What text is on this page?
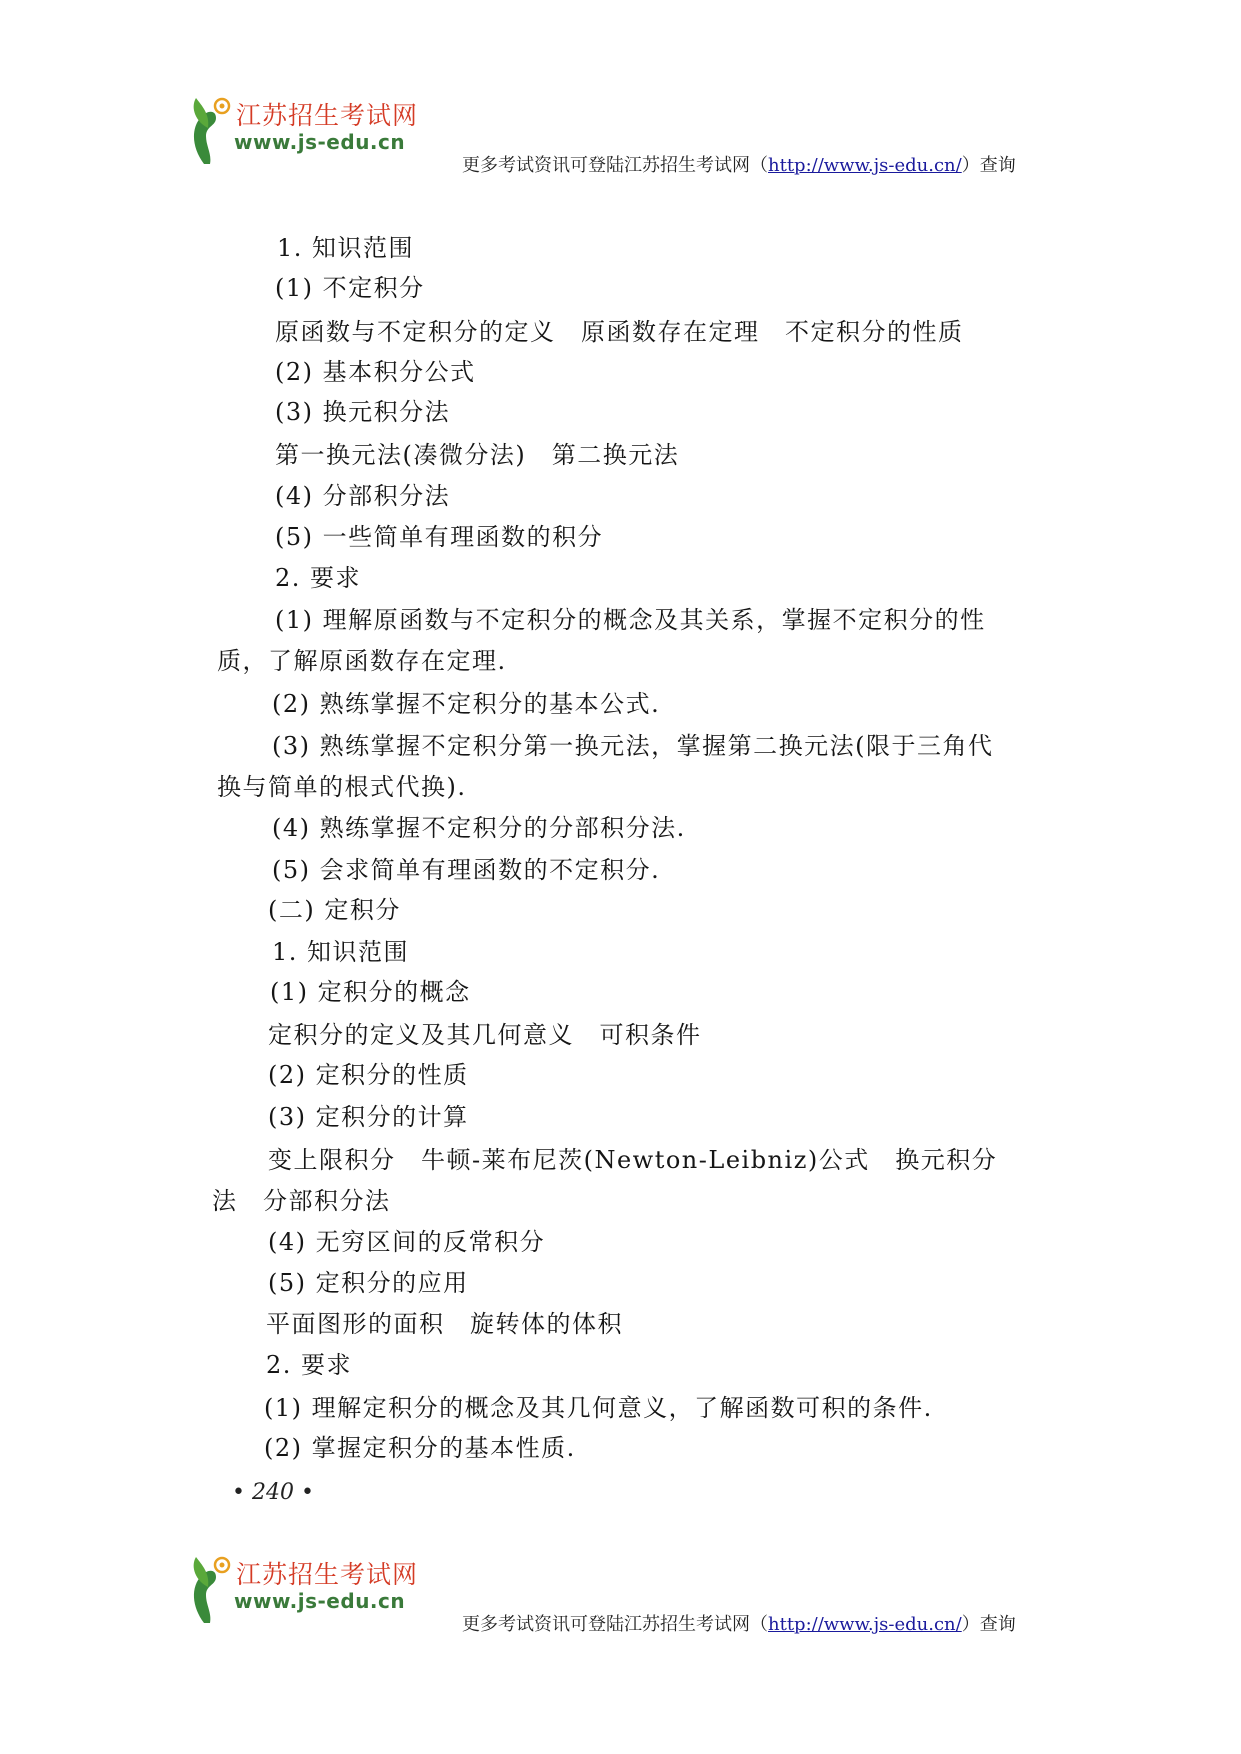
江苏招生考试网
www.js-edu.cn
更多考试资讯可登陆江苏招生考试网（http://www.js-edu.cn/）查询
1. 知识范围
(1) 不定积分
原函数与不定积分的定义　原函数存在定理　不定积分的性质
(2) 基本积分公式
(3) 换元积分法
第一换元法(凑微分法)　第二换元法
(4) 分部积分法
(5) 一些简单有理函数的积分
2. 要求
(1) 理解原函数与不定积分的概念及其关系，掌握不定积分的性
质，了解原函数存在定理.
(2) 熟练掌握不定积分的基本公式.
(3) 熟练掌握不定积分第一换元法，掌握第二换元法(限于三角代
换与简单的根式代换).
(4) 熟练掌握不定积分的分部积分法.
(5) 会求简单有理函数的不定积分.
(二) 定积分
1. 知识范围
(1) 定积分的概念
定积分的定义及其几何意义　可积条件
(2) 定积分的性质
(3) 定积分的计算
变上限积分　牛顿-莱布尼茨(Newton-Leibniz)公式　换元积分
法　分部积分法
(4) 无穷区间的反常积分
(5) 定积分的应用
平面图形的面积　旋转体的体积
2. 要求
(1) 理解定积分的概念及其几何意义，了解函数可积的条件.
(2) 掌握定积分的基本性质.
• 240 •
江苏招生考试网
www.js-edu.cn
更多考试资讯可登陆江苏招生考试网（http://www.js-edu.cn/）查询
